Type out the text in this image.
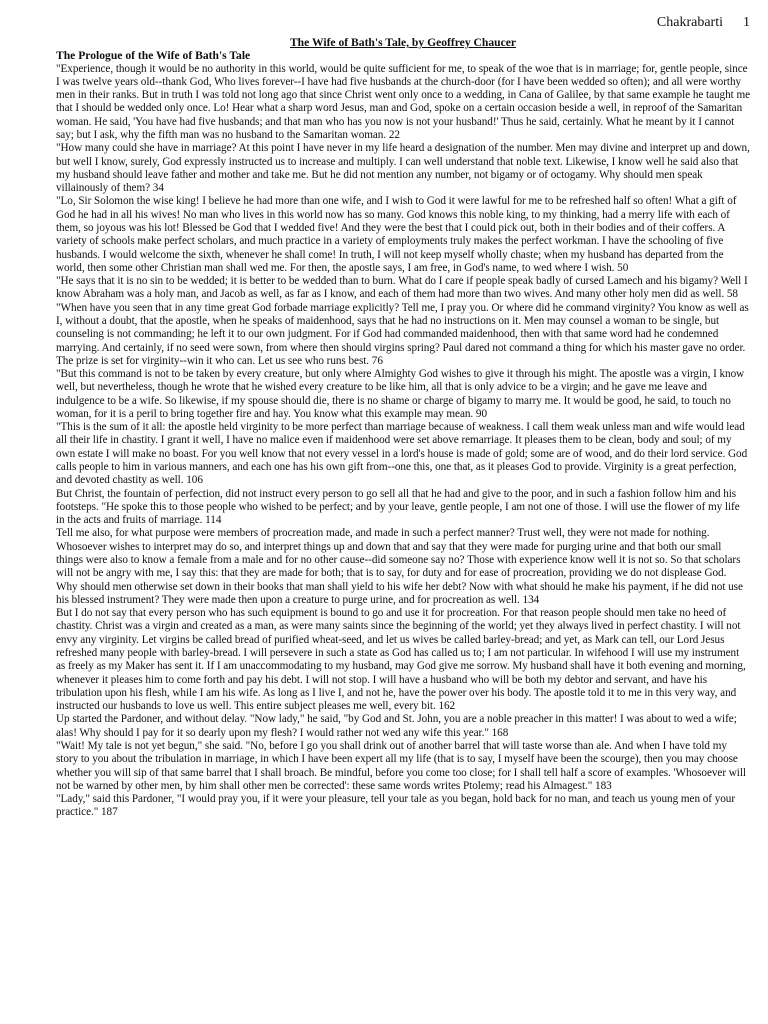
Chakrabarti 1

The Wife of Bath's Tale, by Geoffrey Chaucer

The Prologue of the Wife of Bath's Tale

"Experience, though it would be no authority in this world, would be quite sufficient for me, to speak of the woe that is in marriage; for, gentle people, since I was twelve years old--thank God, Who lives forever--I have had five husbands at the church-door (for I have been wedded so often); and all were worthy men in their ranks. But in truth I was told not long ago that since Christ went only once to a wedding, in Cana of Galilee, by that same example he taught me that I should be wedded only once. Lo! Hear what a sharp word Jesus, man and God, spoke on a certain occasion beside a well, in reproof of the Samaritan woman. He said, 'You have had five husbands; and that man who has you now is not your husband!' Thus he said, certainly. What he meant by it I cannot say; but I ask, why the fifth man was no husband to the Samaritan woman. 22

"How many could she have in marriage? At this point I have never in my life heard a designation of the number. Men may divine and interpret up and down, but well I know, surely, God expressly instructed us to increase and multiply. I can well understand that noble text. Likewise, I know well he said also that my husband should leave father and mother and take me. But he did not mention any number, not bigamy or of octogamy. Why should men speak villainously of them? 34

"Lo, Sir Solomon the wise king! I believe he had more than one wife, and I wish to God it were lawful for me to be refreshed half so often! What a gift of God he had in all his wives! No man who lives in this world now has so many. God knows this noble king, to my thinking, had a merry life with each of them, so joyous was his lot! Blessed be God that I wedded five! And they were the best that I could pick out, both in their bodies and of their coffers. A variety of schools make perfect scholars, and much practice in a variety of employments truly makes the perfect workman. I have the schooling of five husbands. I would welcome the sixth, whenever he shall come! In truth, I will not keep myself wholly chaste; when my husband has departed from the world, then some other Christian man shall wed me. For then, the apostle says, I am free, in God's name, to wed where I wish. 50

"He says that it is no sin to be wedded; it is better to be wedded than to burn. What do I care if people speak badly of cursed Lamech and his bigamy? Well I know Abraham was a holy man, and Jacob as well, as far as I know, and each of them had more than two wives. And many other holy men did as well. 58

"When have you seen that in any time great God forbade marriage explicitly? Tell me, I pray you. Or where did he command virginity? You know as well as I, without a doubt, that the apostle, when he speaks of maidenhood, says that he had no instructions on it. Men may counsel a woman to be single, but counseling is not commanding; he left it to our own judgment. For if God had commanded maidenhood, then with that same word had he condemned marrying. And certainly, if no seed were sown, from where then should virgins spring? Paul dared not command a thing for which his master gave no order. The prize is set for virginity--win it who can. Let us see who runs best. 76

"But this command is not to be taken by every creature, but only where Almighty God wishes to give it through his might. The apostle was a virgin, I know well, but nevertheless, though he wrote that he wished every creature to be like him, all that is only advice to be a virgin; and he gave me leave and indulgence to be a wife. So likewise, if my spouse should die, there is no shame or charge of bigamy to marry me. It would be good, he said, to touch no woman, for it is a peril to bring together fire and hay. You know what this example may mean. 90

"This is the sum of it all: the apostle held virginity to be more perfect than marriage because of weakness. I call them weak unless man and wife would lead all their life in chastity. I grant it well, I have no malice even if maidenhood were set above remarriage. It pleases them to be clean, body and soul; of my own estate I will make no boast. For you well know that not every vessel in a lord's house is made of gold; some are of wood, and do their lord service. God calls people to him in various manners, and each one has his own gift from--one this, one that, as it pleases God to provide. Virginity is a great perfection, and devoted chastity as well. 106

But Christ, the fountain of perfection, did not instruct every person to go sell all that he had and give to the poor, and in such a fashion follow him and his footsteps. "He spoke this to those people who wished to be perfect; and by your leave, gentle people, I am not one of those. I will use the flower of my life in the acts and fruits of marriage. 114

Tell me also, for what purpose were members of procreation made, and made in such a perfect manner? Trust well, they were not made for nothing. Whosoever wishes to interpret may do so, and interpret things up and down that and say that they were made for purging urine and that both our small things were also to know a female from a male and for no other cause--did someone say no? Those with experience know well it is not so. So that scholars will not be angry with me, I say this: that they are made for both; that is to say, for duty and for ease of procreation, providing we do not displease God. Why should men otherwise set down in their books that man shall yield to his wife her debt? Now with what should he make his payment, if he did not use his blessed instrument? They were made then upon a creature to purge urine, and for procreation as well. 134

But I do not say that every person who has such equipment is bound to go and use it for procreation. For that reason people should men take no heed of chastity. Christ was a virgin and created as a man, as were many saints since the beginning of the world; yet they always lived in perfect chastity. I will not envy any virginity. Let virgins be called bread of purified wheat-seed, and let us wives be called barley-bread; and yet, as Mark can tell, our Lord Jesus refreshed many people with barley-bread. I will persevere in such a state as God has called us to; I am not particular. In wifehood I will use my instrument as freely as my Maker has sent it. If I am unaccommodating to my husband, may God give me sorrow. My husband shall have it both evening and morning, whenever it pleases him to come forth and pay his debt. I will not stop. I will have a husband who will be both my debtor and servant, and have his tribulation upon his flesh, while I am his wife. As long as I live I, and not he, have the power over his body. The apostle told it to me in this very way, and instructed our husbands to love us well. This entire subject pleases me well, every bit. 162

Up started the Pardoner, and without delay. "Now lady," he said, "by God and St. John, you are a noble preacher in this matter! I was about to wed a wife; alas! Why should I pay for it so dearly upon my flesh? I would rather not wed any wife this year." 168

"Wait! My tale is not yet begun," she said. "No, before I go you shall drink out of another barrel that will taste worse than ale. And when I have told my story to you about the tribulation in marriage, in which I have been expert all my life (that is to say, I myself have been the scourge), then you may choose whether you will sip of that same barrel that I shall broach. Be mindful, before you come too close; for I shall tell half a score of examples. 'Whosoever will not be warned by other men, by him shall other men be corrected': these same words writes Ptolemy; read his Almagest." 183

"Lady," said this Pardoner, "I would pray you, if it were your pleasure, tell your tale as you began, hold back for no man, and teach us young men of your practice." 187
